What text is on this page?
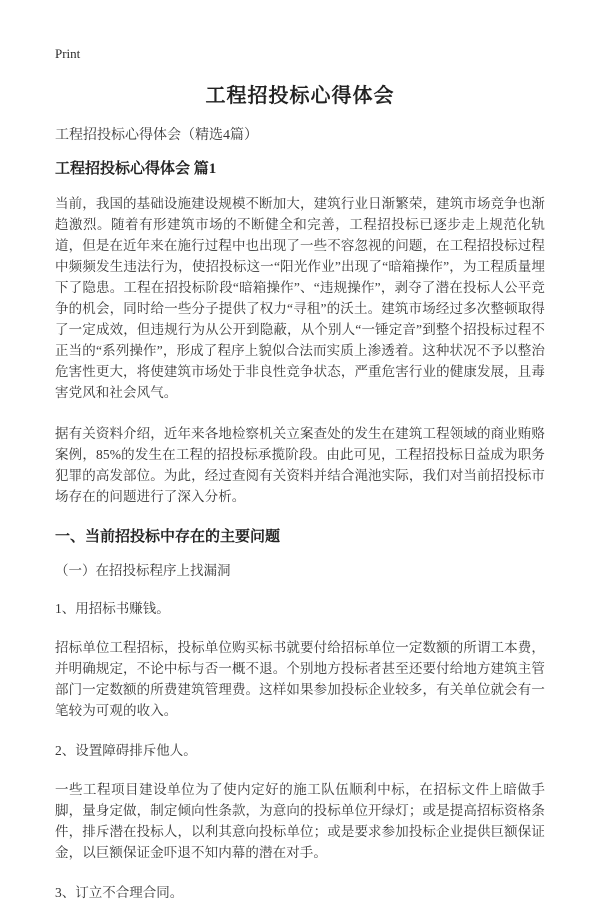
Print
工程招投标心得体会

工程招投标心得体会（精选4篇）

工程招投标心得体会 篇1

当前，我国的基础设施建设规模不断加大，建筑行业日渐繁荣，建筑市场竞争也渐趋激烈。随着有形建筑市场的不断健全和完善，工程招投标已逐步走上规范化轨道，但是在近年来在施行过程中也出现了一些不容忽视的问题，在工程招投标过程中频频发生违法行为，使招投标这一“阳光作业”出现了“暗箱操作”，为工程质量埋下了隐患。工程在招投标阶段“暗箱操作”、“违规操作”，剥夺了潜在投标人公平竞争的机会，同时给一些分子提供了权力“寻租”的沃土。建筑市场经过多次整顿取得了一定成效，但违规行为从公开到隐蔽，从个别人“一锤定音”到整个招投标过程不正当的“系列操作”，形成了程序上貌似合法而实质上渗透着。这种状况不予以整治危害性更大，将使建筑市场处于非良性竞争状态，严重危害行业的健康发展，且毒害党风和社会风气。

据有关资料介绍，近年来各地检察机关立案查处的发生在建筑工程领域的商业贿赂案例，85%的发生在工程的招投标承揽阶段。由此可见，工程招投标日益成为职务犯罪的高发部位。为此，经过查阅有关资料并结合渑池实际，我们对当前招投标市场存在的问题进行了深入分析。

一、当前招投标中存在的主要问题

（一）在招投标程序上找漏洞

1、用招标书赚钱。

招标单位工程招标，投标单位购买标书就要付给招标单位一定数额的所谓工本费，并明确规定，不论中标与否一概不退。个别地方投标者甚至还要付给地方建筑主管部门一定数额的所费建筑管理费。这样如果参加投标企业较多，有关单位就会有一笔较为可观的收入。

2、设置障碍排斥他人。

一些工程项目建设单位为了使内定好的施工队伍顺利中标，在招标文件上暗做手脚，量身定做，制定倾向性条款，为意向的投标单位开绿灯；或是提高招标资格条件，排斥潜在投标人，以利其意向投标单位；或是要求参加投标企业提供巨额保证金，以巨额保证金吓退不知内幕的潜在对手。

3、订立不合理合同。
